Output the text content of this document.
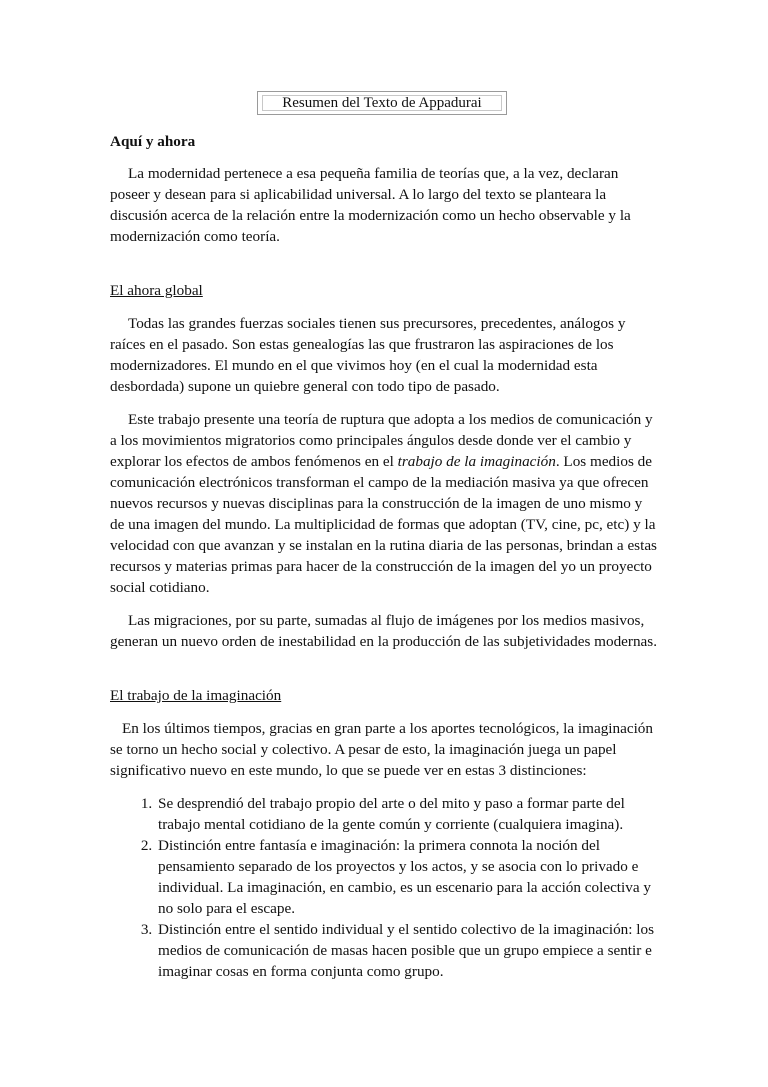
Resumen del Texto de Appadurai
Aquí y ahora

La modernidad pertenece a esa pequeña familia de teorías que, a la vez, declaran poseer y desean para si aplicabilidad universal. A lo largo del texto se planteara la discusión acerca de la relación entre la modernización como un hecho observable y la modernización como teoría.

El ahora global

Todas las grandes fuerzas sociales tienen sus precursores, precedentes, análogos y raíces en el pasado. Son estas genealogías las que frustraron las aspiraciones de los modernizadores. El mundo en el que vivimos hoy (en el cual la modernidad esta desbordada) supone un quiebre general con todo tipo de pasado.

Este trabajo presente una teoría de ruptura que adopta a los medios de comunicación y a los movimientos migratorios como principales ángulos desde donde ver el cambio y explorar los efectos de ambos fenómenos en el trabajo de la imaginación. Los medios de comunicación electrónicos transforman el campo de la mediación masiva ya que ofrecen nuevos recursos y nuevas disciplinas para la construcción de la imagen de uno mismo y de una imagen del mundo. La multiplicidad de formas que adoptan (TV, cine, pc, etc) y la velocidad con que avanzan y se instalan en la rutina diaria de las personas, brindan a estas recursos y materias primas para hacer de la construcción de la imagen del yo un proyecto social cotidiano.

Las migraciones, por su parte, sumadas al flujo de imágenes por los medios masivos, generan un nuevo orden de inestabilidad en la producción de las subjetividades modernas.

El trabajo de la imaginación

En los últimos tiempos, gracias en gran parte a los aportes tecnológicos, la imaginación se torno un hecho social y colectivo. A pesar de esto, la imaginación juega un papel significativo nuevo en este mundo, lo que se puede ver en estas 3 distinciones:

1. Se desprendió del trabajo propio del arte o del mito y paso a formar parte del trabajo mental cotidiano de la gente común y corriente (cualquiera imagina).
2. Distinción entre fantasía e imaginación: la primera connota la noción del pensamiento separado de los proyectos y los actos, y se asocia con lo privado e individual. La imaginación, en cambio, es un escenario para la acción colectiva y no solo para el escape.
3. Distinción entre el sentido individual y el sentido colectivo de la imaginación: los medios de comunicación de masas hacen posible que un grupo empiece a sentir e imaginar cosas en forma conjunta como grupo.
